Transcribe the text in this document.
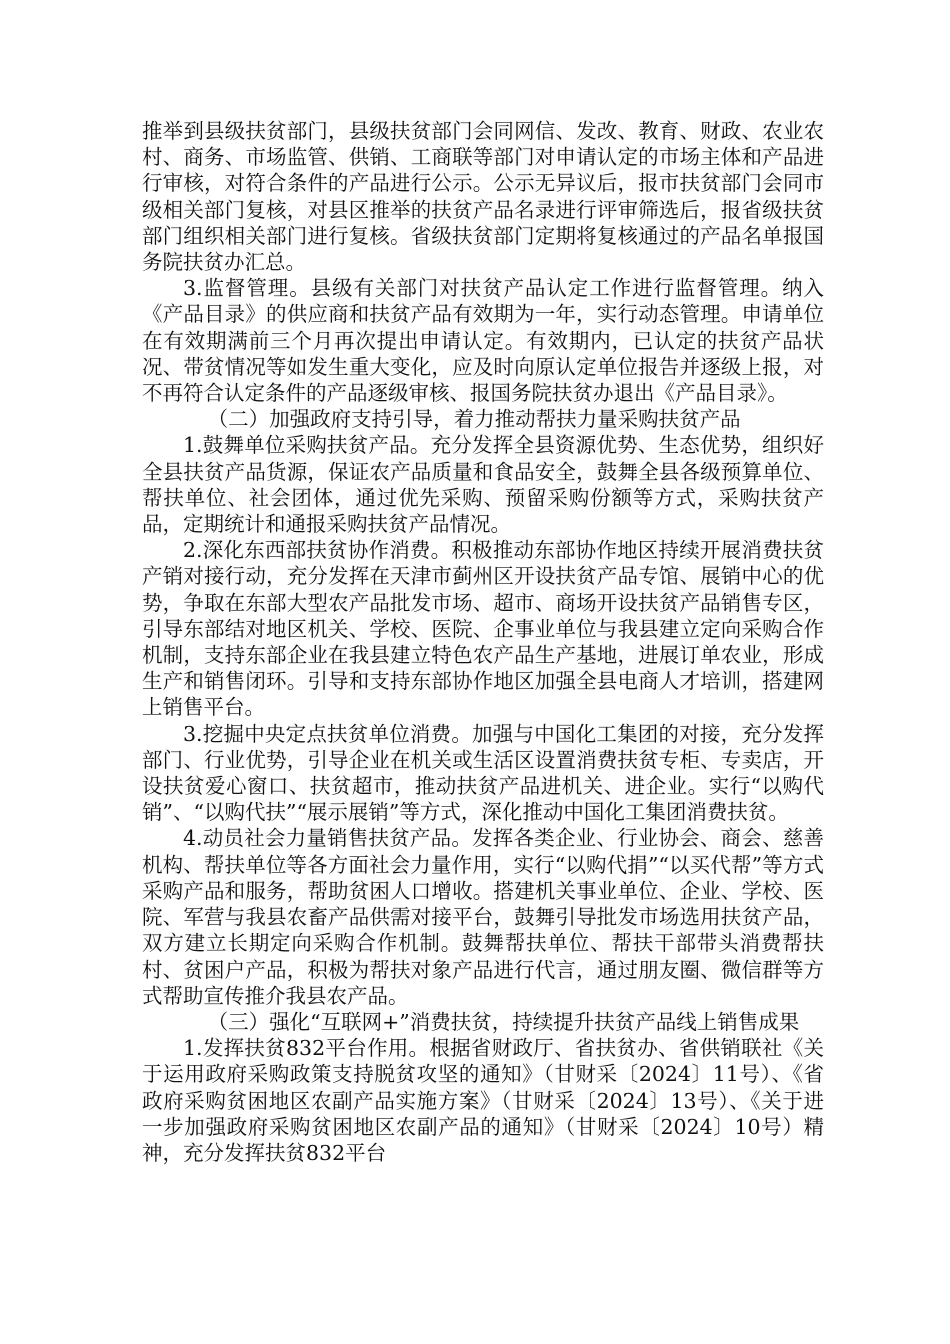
推举到县级扶贫部门，县级扶贫部门会同网信、发改、教育、财政、农业农村、商务、市场监管、供销、工商联等部门对申请认定的市场主体和产品进行审核，对符合条件的产品进行公示。公示无异议后，报市扶贫部门会同市级相关部门复核，对县区推举的扶贫产品名录进行评审筛选后，报省级扶贫部门组织相关部门进行复核。省级扶贫部门定期将复核通过的产品名单报国务院扶贫办汇总。

3.监督管理。县级有关部门对扶贫产品认定工作进行监督管理。纳入《产品目录》的供应商和扶贫产品有效期为一年，实行动态管理。申请单位在有效期满前三个月再次提出申请认定。有效期内，已认定的扶贫产品状况、带贫情况等如发生重大变化，应及时向原认定单位报告并逐级上报，对不再符合认定条件的产品逐级审核、报国务院扶贫办退出《产品目录》。

（二）加强政府支持引导，着力推动帮扶力量采购扶贫产品

1.鼓舞单位采购扶贫产品。充分发挥全县资源优势、生态优势，组织好全县扶贫产品货源，保证农产品质量和食品安全，鼓舞全县各级预算单位、帮扶单位、社会团体，通过优先采购、预留采购份额等方式，采购扶贫产品，定期统计和通报采购扶贫产品情况。

2.深化东西部扶贫协作消费。积极推动东部协作地区持续开展消费扶贫产销对接行动，充分发挥在天津市蓟州区开设扶贫产品专馆、展销中心的优势，争取在东部大型农产品批发市场、超市、商场开设扶贫产品销售专区，引导东部结对地区机关、学校、医院、企事业单位与我县建立定向采购合作机制，支持东部企业在我县建立特色农产品生产基地，进展订单农业，形成生产和销售闭环。引导和支持东部协作地区加强全县电商人才培训，搭建网上销售平台。

3.挖掘中央定点扶贫单位消费。加强与中国化工集团的对接，充分发挥部门、行业优势，引导企业在机关或生活区设置消费扶贫专柜、专卖店，开设扶贫爱心窗口、扶贫超市，推动扶贫产品进机关、进企业。实行“以购代销”、“以购代扶”“展示展销”等方式，深化推动中国化工集团消费扶贫。

4.动员社会力量销售扶贫产品。发挥各类企业、行业协会、商会、慈善机构、帮扶单位等各方面社会力量作用，实行“以购代捐”“以买代帮”等方式采购产品和服务，帮助贫困人口增收。搭建机关事业单位、企业、学校、医院、军营与我县农畜产品供需对接平台，鼓舞引导批发市场选用扶贫产品，双方建立长期定向采购合作机制。鼓舞帮扶单位、帮扶干部带头消费帮扶村、贫困户产品，积极为帮扶对象产品进行代言，通过朋友圈、微信群等方式帮助宣传推介我县农产品。

（三）强化“互联网+”消费扶贫，持续提升扶贫产品线上销售成果

1.发挥扶贫832平台作用。根据省财政厅、省扶贫办、省供销联社《关于运用政府采购政策支持脱贫攻坚的通知》（甘财采〔2024〕11号）、《省政府采购贫困地区农副产品实施方案》（甘财采〔2024〕13号）、《关于进一步加强政府采购贫困地区农副产品的通知》（甘财采〔2024〕10号）精神，充分发挥扶贫832平台
